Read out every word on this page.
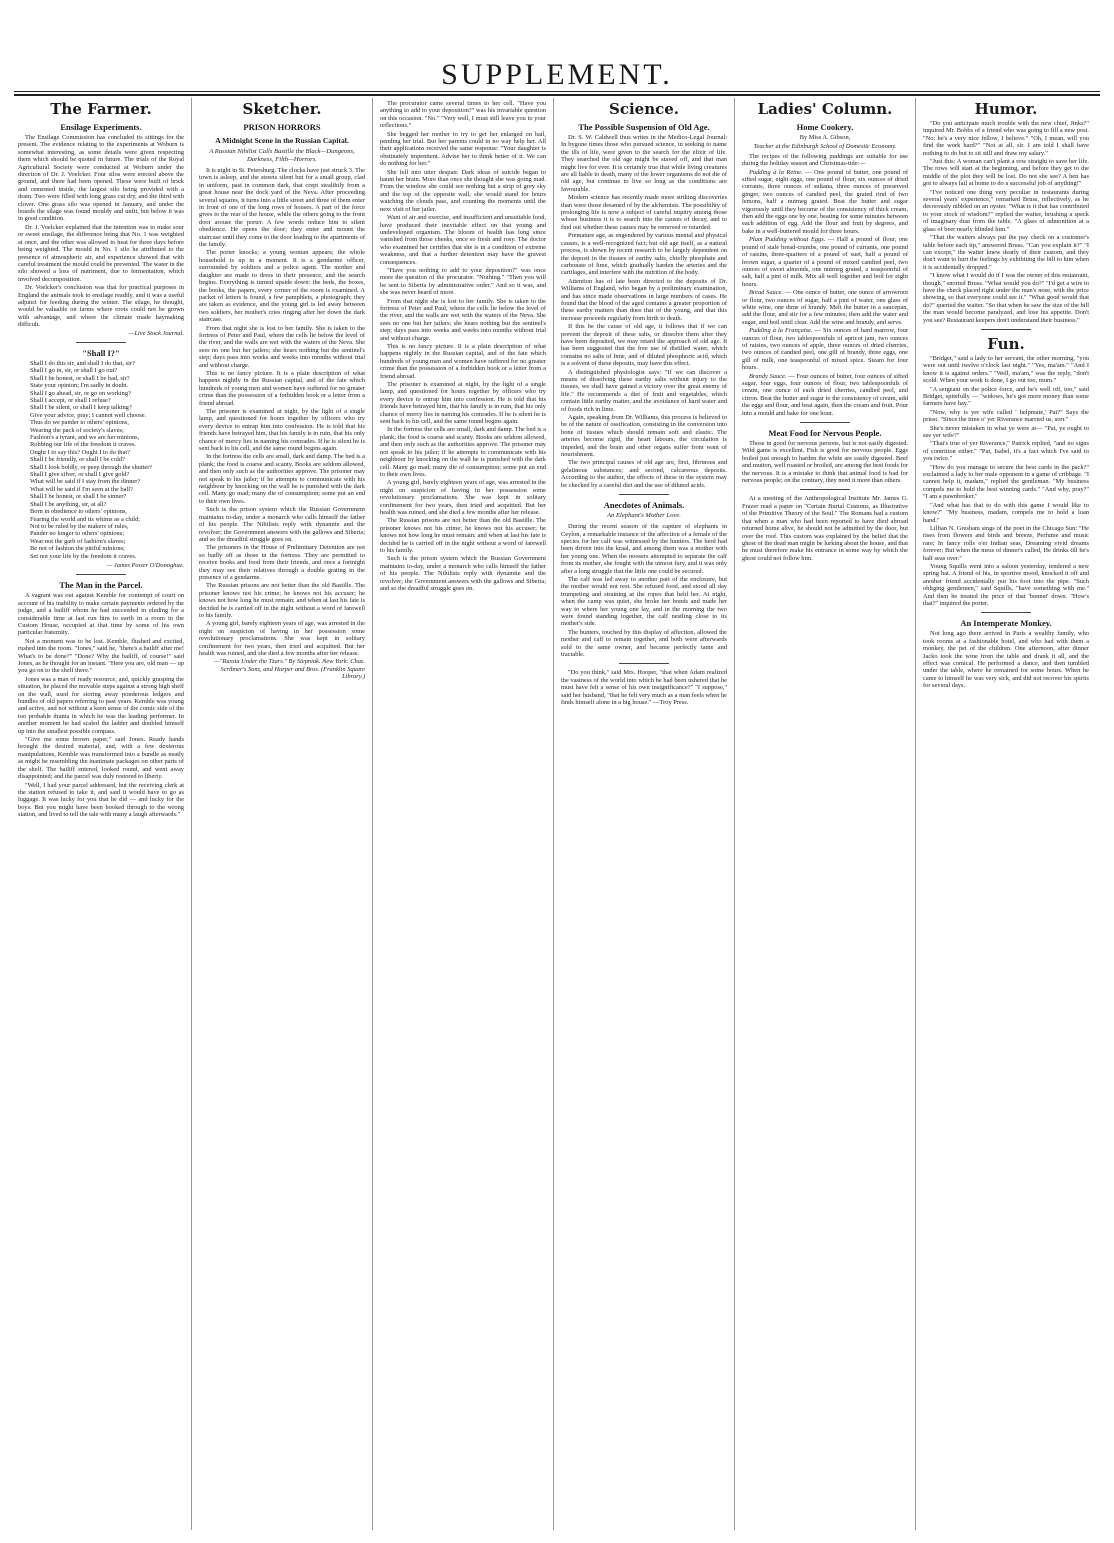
SUPPLEMENT.
The Farmer.
Ensilage Experiments.

The Ensilage Commission has concluded its sittings for the present. The evidence relating to the experiments at Woburn is somewhat interesting, as some details were given respecting them which should be quoted in future. The trials of the Royal Agricultural Society were conducted at Woburn under the direction of Dr. J. Voelcker. Four silos were erected above the ground, and three had been opened. These were built of brick and cemented inside, the largest silo being provided with a drain. Two were filled with long grass cut dry, and the third with clover. One grass silo was opened in January, and under the boards the silage was found mouldy and unfit, but below it was in good condition.

Dr. J. Voelcker explained that the intention was to make sour or sweet ensilage, the difference being that No. 1 was weighted at once, and the other was allowed to heat for three days before being weighted. The mould in No. 1 silo he attributed to the presence of atmospheric air, and experience showed that with careful treatment the mould could be prevented. The water in the silo showed a loss of nutriment, due to fermentation, which involved decomposition.

Dr. Voelcker's conclusion was that for practical purposes in England the animals took to ensilage readily, and it was a useful adjunct for feeding during the winter. The silage, he thought, would be valuable on farms where roots could not be grown with advantage, and where the climate made haymaking difficult.

—Live Stock Journal.
"Shall I?"

Shall I do this sir, and shall I do that, sir?

Shall I go in, sir, or shall I go out?

Shall I be honest, or shall I be bad, sir?

State your opinion; I'm sadly in doubt.

Shall I go ahead, sir, or go on working?

Shall I accept, or shall I refuse?

Shall I be silent, or shall I keep talking?

Give your advice, pray; I cannot well choose.

Thus do we pander to others' opinions,

Wearing the pack of society's slaves;

Fashion's a tyrant, and we are her minions,

Robbing our life of the freedom it craves.

Ought I to say this? Ought I to do that?

Shall I be friendly, or shall I be cold?

Shall I look boldly, or peep through the shutter?

Shall I give silver, or shall I give gold?

What will be said if I stay from the dinner?

What will be said if I'm seen at the ball?

Shall I be honest, or shall I be sinner?

Shall I be anything, sir, at all?

Born in obedience to others' opinions,

Fearing the world and its whims as a child;

Not to be ruled by the makers of rules,

Pander no longer to others' opinions;

Wear not the garb of fashion's slaves;

Be not of fashion the pitiful minions;

Set not your life by the freedom it craves.

— James Power O'Donoghue.
The Man in the Parcel.

A vagrant was out against Kemble for contempt of court on account of his inability to make certain payments ordered by the judge, and a bailiff whom he had succeeded in eluding for a considerable time at last run him to earth in a room in the Custom House, occupied at that time by some of his own particular fraternity.

Not a moment was to be lost. Kemble, flushed and excited, rushed into the room. "Jones," said he, "there's a bailiff after me! What's to be done?" "Done? Why the bailiff, of course!" said Jones, as he thought for an instant. "Here you are, old man — up you go on to the shelf there."

Jones was a man of ready resource, and, quickly grasping the situation, he placed the movable steps against a strong high shelf on the wall, used for storing away ponderous ledgers and bundles of old papers referring to past years. Kemble was young and active, and not without a keen sense of the comic side of the too probable drama in which he was the leading performer. In another moment he had scaled the ladder and doubled himself up into the smallest possible compass.

"Give me some brown paper," said Jones. Ready hands brought the desired material, and, with a few dexterous manipulations, Kemble was transformed into a bundle as neatly as might be resembling the inanimate packages on other parts of the shelf. The bailiff entered, looked round, and went away disappointed; and the parcel was duly restored to liberty.

"Well, I had your parcel addressed, but the receiving clerk at the station refused to take it, and said it would have to go as luggage. It was lucky for you that he did — and lucky for the boys. But you might have been booked through to the wrong station, and lived to tell the tale with many a laugh afterwards."

Sketcher.
PRISON HORRORS
A Midnight Scene in the Russian Capital.
A Russian Nihilist Calls Bastille the Black—Dungeons, Darkness, Filth—Horrors.

It is night in St. Petersburg. The clocks have just struck 3. The town is asleep, and the streets silent but for a small group, clad in uniform, past in common dark, that crept stealthily from a great house near the dock yard of the Neva. After proceeding several squares, it turns into a little street and three of them enter in front of one of the long rows of houses. A part of the force gives to the rear of the house, while the others going to the front door arouse the porter. A few words reduce him to silent obedience. He opens the door; they enter and mount the staircase until they come to the door leading to the apartments of the family.

The porter knocks; a young woman appears; the whole household is up in a moment. It is a gendarme officer, surrounded by soldiers and a police agent. The mother and daughter are made to dress in their presence, and the search begins. Everything is turned upside down: the beds, the boxes, the books, the papers, every corner of the room is examined. A packet of letters is found, a few pamphlets, a photograph; they are taken as evidence, and the young girl is led away between two soldiers, her mother's cries ringing after her down the dark staircase.

From that night she is lost to her family. She is taken to the fortress of Peter and Paul, where the cells lie below the level of the river, and the walls are wet with the waters of the Neva. She sees no one but her jailers; she hears nothing but the sentinel's step; days pass into weeks and weeks into months without trial and without charge.

This is no fancy picture. It is a plain description of what happens nightly in the Russian capital, and of the fate which hundreds of young men and women have suffered for no greater crime than the possession of a forbidden book or a letter from a friend abroad.

The prisoner is examined at night, by the light of a single lamp, and questioned for hours together by officers who try every device to entrap him into confession. He is told that his friends have betrayed him, that his family is in ruin, that his only chance of mercy lies in naming his comrades. If he is silent he is sent back to his cell, and the same round begins again.

In the fortress the cells are small, dark and damp. The bed is a plank; the food is coarse and scanty. Books are seldom allowed, and then only such as the authorities approve. The prisoner may not speak to his jailer; if he attempts to communicate with his neighbour by knocking on the wall he is punished with the dark cell. Many go mad; many die of consumption; some put an end to their own lives.

Such is the prison system which the Russian Government maintains to-day, under a monarch who calls himself the father of his people. The Nihilists reply with dynamite and the revolver; the Government answers with the gallows and Siberia; and so the dreadful struggle goes on.

The prisoners in the House of Preliminary Detention are not so badly off as those in the fortress. They are permitted to receive books and food from their friends, and once a fortnight they may see their relatives through a double grating in the presence of a gendarme.

The Russian prisons are not better than the old Bastille. The prisoner knows not his crime; he knows not his accuser; he knows not how long he must remain; and when at last his fate is decided he is carried off in the night without a word of farewell to his family.

A young girl, barely eighteen years of age, was arrested in the night on suspicion of having in her possession some revolutionary proclamations. She was kept in solitary confinement for two years, then tried and acquitted. But her health was ruined, and she died a few months after her release.

—"Russia Under the Tzars." By Stepniak. New York: Chas. Scribner's Sons, and Harper and Bros. (Franklin Square Library.)

The procurator came several times to her cell. "Have you anything to add to your deposition?" was his invariable question on this occasion. "No." "Very well, I must still leave you to your reflections."

She begged her mother to try to get her enlarged on bail, pending her trial. But her parents could in no way help her. All their applications received the same response: "Your daughter is obstinately impenitent. Advise her to think better of it. We can do nothing for her."

She fell into utter despair. Dark ideas of suicide began to haunt her brain. More than once she thought she was going mad. From the window she could see nothing but a strip of grey sky and the top of the opposite wall; she would stand for hours watching the clouds pass, and counting the moments until the next visit of her jailer.

Want of air and exercise, and insufficient and unsuitable food, have produced their inevitable effect on that young and undeveloped organism. The bloom of health has long since vanished from those cheeks, once so fresh and rosy. The doctor who examined her certifies that she is in a condition of extreme weakness, and that a further detention may have the gravest consequences.

"Have you nothing to add to your deposition?" was once more the question of the procurator. "Nothing." "Then you will be sent to Siberia by administrative order." And so it was, and she was never heard of more.

From that night she is lost to her family. She is taken to the fortress of Peter and Paul, where the cells lie below the level of the river, and the walls are wet with the waters of the Neva. She sees no one but her jailers; she hears nothing but the sentinel's step; days pass into weeks and weeks into months without trial and without charge.

This is no fancy picture. It is a plain description of what happens nightly in the Russian capital, and of the fate which hundreds of young men and women have suffered for no greater crime than the possession of a forbidden book or a letter from a friend abroad.

The prisoner is examined at night, by the light of a single lamp, and questioned for hours together by officers who try every device to entrap him into confession. He is told that his friends have betrayed him, that his family is in ruin, that his only chance of mercy lies in naming his comrades. If he is silent he is sent back to his cell, and the same round begins again.

In the fortress the cells are small, dark and damp. The bed is a plank; the food is coarse and scanty. Books are seldom allowed, and then only such as the authorities approve. The prisoner may not speak to his jailer; if he attempts to communicate with his neighbour by knocking on the wall he is punished with the dark cell. Many go mad; many die of consumption; some put an end to their own lives.

A young girl, barely eighteen years of age, was arrested in the night on suspicion of having in her possession some revolutionary proclamations. She was kept in solitary confinement for two years, then tried and acquitted. But her health was ruined, and she died a few months after her release.

The Russian prisons are not better than the old Bastille. The prisoner knows not his crime; he knows not his accuser; he knows not how long he must remain; and when at last his fate is decided he is carried off in the night without a word of farewell to his family.

Such is the prison system which the Russian Government maintains to-day, under a monarch who calls himself the father of his people. The Nihilists reply with dynamite and the revolver; the Government answers with the gallows and Siberia; and so the dreadful struggle goes on.

Science.
The Possible Suspension of Old Age.

Dr. S. W. Caldwell thus writes in the Medico-Legal Journal: In bygone times those who pursued science, in seeking to name the ills of life, were given to the search for the elixir of life. They searched the old age might be staved off, and that man might live for ever. It is certainly true that while living creatures are all liable to death, many of the lower organisms do not die of old age, but continue to live so long as the conditions are favourable.

Modern science has recently made more striking discoveries than were those dreamed of by the alchemists. The possibility of prolonging life is now a subject of careful inquiry among those whose business it is to search into the causes of decay, and to find out whether these causes may be removed or retarded.

Premature age, as engendered by various mental and physical causes, is a well-recognized fact; but old age itself, as a natural process, is shown by recent research to be largely dependent on the deposit in the tissues of earthy salts, chiefly phosphate and carbonate of lime, which gradually harden the arteries and the cartilages, and interfere with the nutrition of the body.

Attention has of late been directed to the deposits of Dr. Williams of England, who began by a preliminary examination, and has since made observations in large numbers of cases. He found that the blood of the aged contains a greater proportion of these earthy matters than does that of the young, and that this increase proceeds regularly from birth to death.

If this be the cause of old age, it follows that if we can prevent the deposit of these salts, or dissolve them after they have been deposited, we may retard the approach of old age. It has been suggested that the free use of distilled water, which contains no salts of lime, and of diluted phosphoric acid, which is a solvent of these deposits, may have this effect.

A distinguished physiologist says: "If we can discover a means of dissolving these earthy salts without injury to the tissues, we shall have gained a victory over the great enemy of life." He recommends a diet of fruit and vegetables, which contain little earthy matter, and the avoidance of hard water and of foods rich in lime.

Again, speaking from Dr. Williams, this process is believed to be of the nature of ossification, consisting in the conversion into bone of tissues which should remain soft and elastic. The arteries become rigid, the heart labours, the circulation is impeded, and the brain and other organs suffer from want of nourishment.

The two principal causes of old age are, first, fibrinous and gelatinous substances; and second, calcareous deposits. According to the author, the effects of these in the system may be checked by a careful diet and the use of diluted acids.

Anecdotes of Animals.
An Elephant's Mother Love.

During the recent season of the capture of elephants in Ceylon, a remarkable instance of the affection of a female of the species for her calf was witnessed by the hunters. The herd had been driven into the kraal, and among them was a mother with her young one. When the noosers attempted to separate the calf from its mother, she fought with the utmost fury, and it was only after a long struggle that the little one could be secured.

The calf was led away to another part of the enclosure, but the mother would not rest. She refused food, and stood all day trumpeting and straining at the ropes that held her. At night, when the camp was quiet, she broke her bonds and made her way to where her young one lay, and in the morning the two were found standing together, the calf nestling close to its mother's side.

The hunters, touched by this display of affection, allowed the mother and calf to remain together, and both were afterwards sold to the same owner, and became perfectly tame and tractable.

"Do you think," said Mrs. Hooper, "that when Adam realized the vastness of the world into which he had been ushered that he must have felt a sense of his own insignificance?" "I suppose," said her husband, "that he felt very much as a man feels when he finds himself alone in a big house." —Troy Press.

Ladies' Column.
Home Cookery.
By Miss A. Gibson,
Teacher at the Edinburgh School of Domestic Economy.

The recipes of the following puddings are suitable for use during the holiday season and Christmas-tide:—

Pudding à la Reine. — One pound of butter, one pound of sifted sugar, eight eggs, one pound of flour, six ounces of dried currants, three ounces of sultana, three ounces of preserved ginger, two ounces of candied peel, the grated rind of two lemons, half a nutmeg grated. Beat the butter and sugar vigorously until they become of the consistency of thick cream, then add the eggs one by one, beating for some minutes between each addition of egg. Add the flour and fruit by degrees, and bake in a well-buttered mould for three hours.

Plum Pudding without Eggs. — Half a pound of flour, one pound of stale bread-crumbs, one pound of currants, one pound of raisins, three-quarters of a pound of suet, half a pound of brown sugar, a quarter of a pound of mixed candied peel, two ounces of sweet almonds, one nutmeg grated, a teaspoonful of salt, half a pint of milk. Mix all well together and boil for eight hours.

Bread Sauce. — One ounce of butter, one ounce of arrowroot or flour, two ounces of sugar, half a pint of water, one glass of white wine, one dime of brandy. Melt the butter in a saucepan, add the flour, and stir for a few minutes; then add the water and sugar, and boil until clear. Add the wine and brandy, and serve.

Pudding à la Française. — Six ounces of hard marrow, four ounces of flour, two tablespoonfuls of apricot jam, two ounces of raisins, two ounces of apple, three ounces of dried cherries, two ounces of candied peel, one gill of brandy, three eggs, one gill of milk, one teaspoonful of mixed spice. Steam for four hours.

Brandy Sauce. — Four ounces of butter, four ounces of sifted sugar, four eggs, four ounces of flour, two tablespoonfuls of cream, one ounce of each dried cherries, candied peel, and citron. Beat the butter and sugar to the consistency of cream, add the eggs and flour, and beat again, then the cream and fruit. Pour into a mould and bake for one hour.

Meat Food for Nervous People.

Those in good for nervous persons, but is not easily digested. Wild game is excellent. Fish is good for nervous people. Eggs boiled just enough to harden the white are easily digested. Beef and mutton, well roasted or broiled, are among the best foods for the nervous. It is a mistake to think that animal food is bad for nervous people; on the contrary, they need it more than others.

At a meeting of the Anthropological Institute Mr. James G. Frazer read a paper on "Certain Burial Customs, as Illustrative of the Primitive Theory of the Soul." The Romans had a custom that when a man who had been reported to have died abroad returned home alive, he should not be admitted by the door, but over the roof. This custom was explained by the belief that the ghost of the dead man might be lurking about the house, and that he must therefore make his entrance in some way by which the ghost could not follow him.

Humor.

"Do you anticipate much trouble with the new chief, Jinks?" inquired Mr. Bobbs of a friend who was going to fill a new post. "No; he's a very nice fellow, I believe." "Oh, I mean, will you find the work hard?" "Not at all, sir. I am told I shall have nothing to do but to sit still and draw my salary."

"Just this: A woman can't plant a row straight to save her life. The rows will start at the beginning, and before they get to the middle of the plot they will be lost. Do not she see? A hen has got to always fail at home to do a successful job of anything!"

"I've noticed one thing very peculiar in restaurants during several years' experience," remarked Bruss, reflectively, as he decorously nibbled on an oyster. "What is it that has contributed to your stock of wisdom?" replied the waiter, brushing a speck of imaginary dust from the table. "A glass of admonition at a glass of beer nearly blinded him."

"That the waiters always put the pay check on a customer's table before each tip," answered Bruss. "Can you explain it?" "I can except," the waiter knew dearly of their custom, and they don't want to hurt the feelings by exhibiting the bill to him when it is accidentally dropped."

"I know what I would do if I was the owner of this restaurant, though," snorted Bruss. "What would you do?" "I'd get a wire to have the check placed right under the man's nose, with the price showing, so that everyone could see it." "What good would that do?" queried the waiter. "So that when he saw the size of the bill the man would become paralyzed, and lose his appetite. Don't you see? Restaurant keepers don't understand their business."

Fun.

"Bridget," said a lady to her servant, the other morning, "you were out until twelve o'clock last night." "Yes, ma'am." "And I know it is against orders." "Well, ma'am," was the reply, "don't scold. When your work is done, I go out too, mum."

"A sergeant on the police force, and he's well off, too," said Bridget, spitefully — "widows, he's got more money than some farmers have hay."

"Now, why is yer wife called ' helpmate,' Pat?" Says the priest. "Since the time o' yer Riverance married us, sorr."

She's never mistaken in what ye were at— "Pat, ye ought to see yer wife?"

"That's true of yer Riverance," Patrick replied, "and no signs of contrition either." "Pat, Isabel, it's a fact which I've said to you twice."

"How do you manage to secure the best cards in the pack?" exclaimed a lady to her male opponent in a game of cribbage. "I cannot help it, madam," replied the gentleman. "My business compels me to hold the best winning cards." "And why, pray?" "I am a pawnbroker."

"And what has that to do with this game I would like to know?" "My business, madam, compels me to hold a loan hand."

Lillian N. Gresham sings of the poet in the Chicago Sun: "He rises from flowers and birds and breeze, Perfume and music rare; In fancy rolls o'er Indian seas, Dreaming vivid dreams forever; But when the mess of dinner's called, He drinks till he's half seas over."

Young Squills went into a saloon yesterday, tendered a new spring hat. A friend of his, in sportive mood, knocked it off and another friend accidentally put his foot into the pipe. "Such obliging gentlemen," said Squills, "have something with me." And then he treated the price of that 'bonnet' down. "How's that?" inquired the porter.

An Intemperate Monkey.

Not long ago there arrived in Paris a wealthy family, who took rooms at a fashionable hotel, and who had with them a monkey, the pet of the children. One afternoon, after dinner Jacko took the wine from the table and drank it all, and the effect was comical. He performed a dance, and then tumbled under the table, where he remained for some hours. When he came to himself he was very sick, and did not recover his spirits for several days.
